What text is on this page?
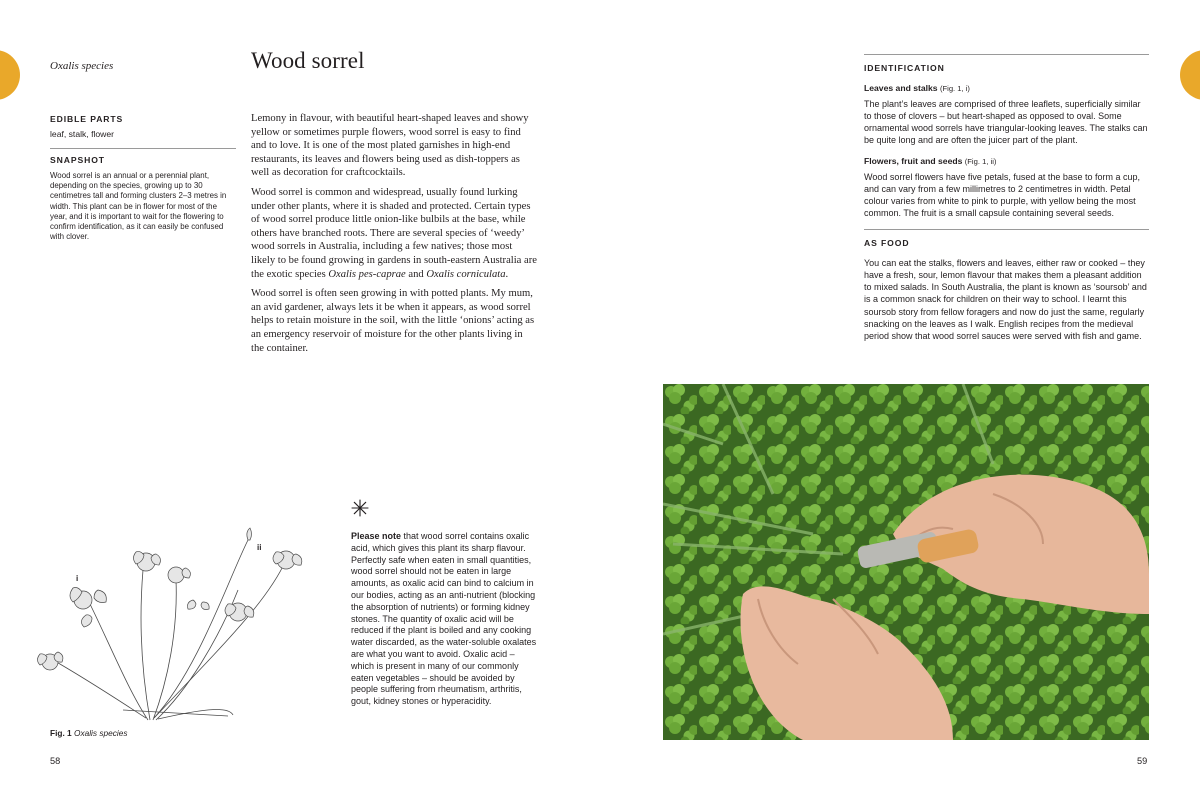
Oxalis species	Wood sorrel
EDIBLE PARTS
leaf, stalk, flower
SNAPSHOT

Wood sorrel is an annual or a perennial plant, depending on the species, growing up to 30 centimetres tall and forming clusters 2–3 metres in width. This plant can be in flower for most of the year, and it is important to wait for the flowering to confirm identification, as it can easily be confused with clover.

Lemony in flavour, with beautiful heart-shaped leaves and showy yellow or sometimes purple flowers, wood sorrel is easy to find and to love. It is one of the most plated garnishes in high-end restaurants, its leaves and flowers being used as dish-toppers as well as decoration for craftcocktails.

Wood sorrel is common and widespread, usually found lurking under other plants, where it is shaded and protected. Certain types of wood sorrel produce little onion-like bulbils at the base, while others have branched roots. There are several species of ‘weedy’ wood sorrels in Australia, including a few natives; those most likely to be found growing in gardens in south-eastern Australia are the exotic species Oxalis pes-caprae and Oxalis corniculata.

Wood sorrel is often seen growing in with potted plants. My mum, an avid gardener, always lets it be when it appears, as wood sorrel helps to retain moisture in the soil, with the little ‘onions’ acting as an emergency reservoir of moisture for the other plants living in the container.

IDENTIFICATION
Leaves and stalks (Fig. 1, i)

The plant’s leaves are comprised of three leaflets, superficially similar to those of clovers – but heart-shaped as opposed to oval. Some ornamental wood sorrels have triangular-looking leaves. The stalks can be quite long and are often the juicer part of the plant.

Flowers, fruit and seeds (Fig. 1, ii)

Wood sorrel flowers have five petals, fused at the base to form a cup, and can vary from a few millimetres to 2 centimetres in width. Petal colour varies from white to pink to purple, with yellow being the most common. The fruit is a small capsule containing several seeds.

AS FOOD

You can eat the stalks, flowers and leaves, either raw or cooked – they have a fresh, sour, lemon flavour that makes them a pleasant addition to mixed salads. In South Australia, the plant is known as ‘soursob’ and is a common snack for children on their way to school. I learnt this soursob story from fellow foragers and now do just the same, regularly snacking on the leaves as I walk. English recipes from the medieval period show that wood sorrel sauces were served with fish and game.

Please note that wood sorrel contains oxalic acid, which gives this plant its sharp flavour. Perfectly safe when eaten in small quantities, wood sorrel should not be eaten in large amounts, as oxalic acid can bind to calcium in our bodies, acting as an anti-nutrient (blocking the absorption of nutrients) or forming kidney stones. The quantity of oxalic acid will be reduced if the plant is boiled and any cooking water discarded, as the water-soluble oxalates are what you want to avoid. Oxalic acid – which is present in many of our commonly eaten vegetables – should be avoided by people suffering from rheumatism, arthritis, gout, kidney stones or hyperacidity.

i
ii
Fig. 1 Oxalis species
58	59
